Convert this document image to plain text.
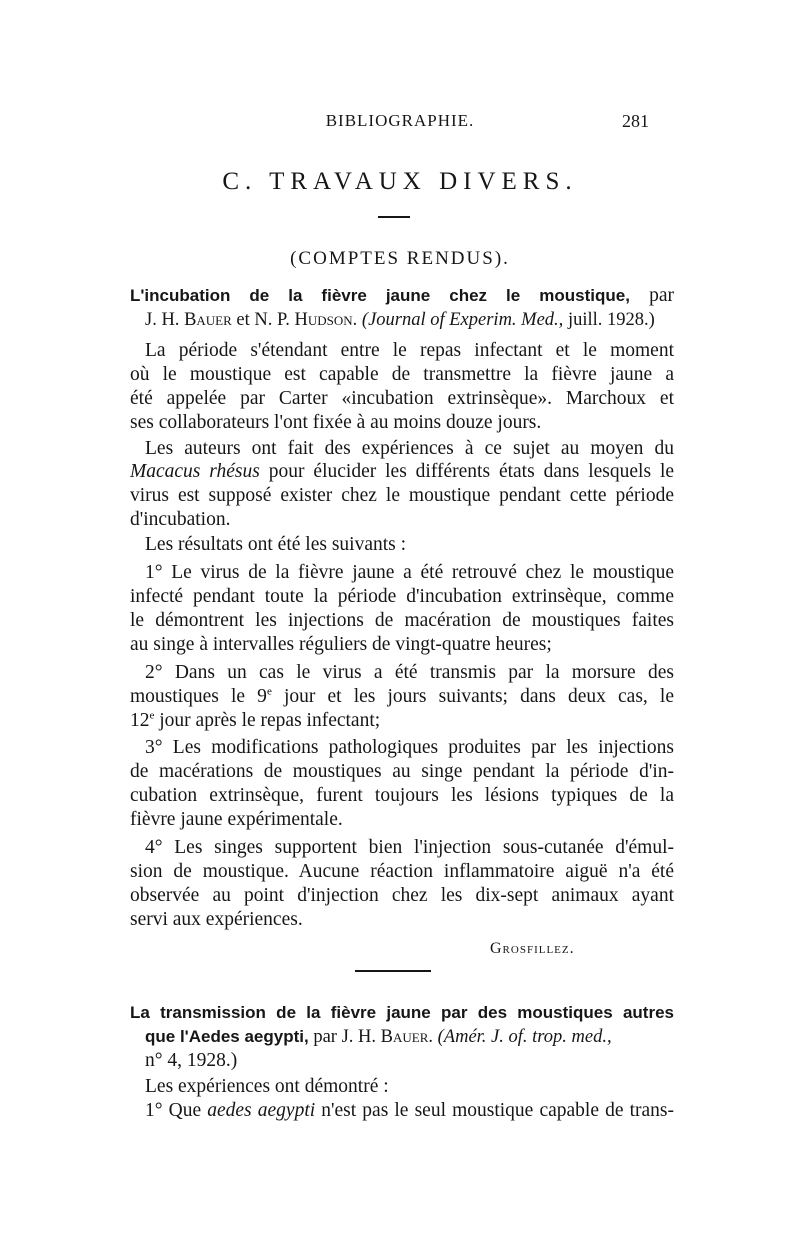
BIBLIOGRAPHIE.	281
C. TRAVAUX DIVERS.
(COMPTES RENDUS).
L'incubation de la fièvre jaune chez le moustique, par
J. H. Bauer et N. P. Hudson. (Journal of Experim. Med., juill. 1928.)
La période s'étendant entre le repas infectant et le moment
où le moustique est capable de transmettre la fièvre jaune a
été appelée par Carter «incubation extrinsèque». Marchoux et
ses collaborateurs l'ont fixée à au moins douze jours.
Les auteurs ont fait des expériences à ce sujet au moyen du
Macacus rhésus pour élucider les différents états dans lesquels le
virus est supposé exister chez le moustique pendant cette période
d'incubation.
Les résultats ont été les suivants :
1° Le virus de la fièvre jaune a été retrouvé chez le moustique
infecté pendant toute la période d'incubation extrinsèque, comme
le démontrent les injections de macération de moustiques faites
au singe à intervalles réguliers de vingt-quatre heures;
2° Dans un cas le virus a été transmis par la morsure des
moustiques le 9e jour et les jours suivants; dans deux cas, le
12e jour après le repas infectant;
3° Les modifications pathologiques produites par les injections
de macérations de moustiques au singe pendant la période d'in-
cubation extrinsèque, furent toujours les lésions typiques de la
fièvre jaune expérimentale.
4° Les singes supportent bien l'injection sous-cutanée d'émul-
sion de moustique. Aucune réaction inflammatoire aiguë n'a été
observée au point d'injection chez les dix-sept animaux ayant
servi aux expériences.
Grosfillez.
La transmission de la fièvre jaune par des moustiques autres
que l'Aedes aegypti, par J. H. Bauer. (Amér. J. of. trop. med.,
n° 4, 1928.)
Les expériences ont démontré :
1° Que aedes aegypti n'est pas le seul moustique capable de trans-
